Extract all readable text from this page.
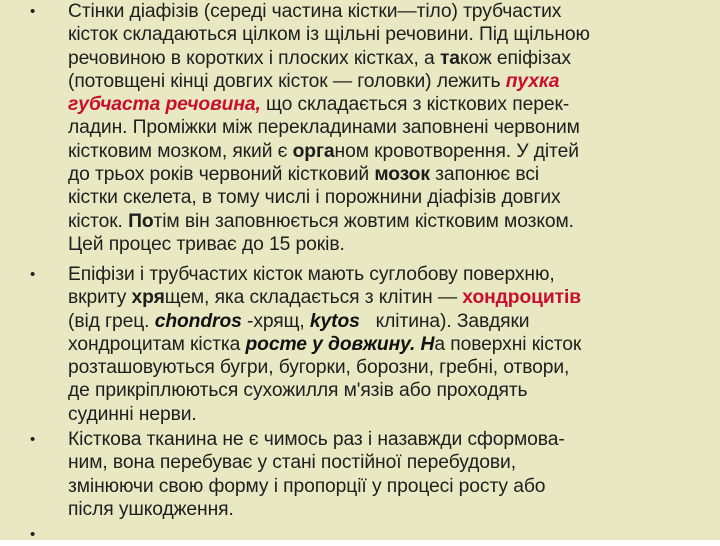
• Стінки діафізів (середі частина кістки—тіло) трубчастих
кісток складаються цілком із щільні речовини. Під щільною
речовиною в коротких і плоских кістках, а також епіфізах
(потовщені кінці довгих кісток — головки) лежить пухка
губчаста речовина, що складається з кісткових перек-
ладин. Проміжки між перекладинами заповнені червоним
кістковим мозком, який є органом кровотворення. У дітей
до трьох років червоний кістковий мозок запонює всі
кістки скелета, в тому числі і порожнини діафізів довгих
кісток. Потім він заповнюється жовтим кістковим мозком.
Цей процес триває до 15 років.
• Епіфізи і трубчастих кісток мають суглобову поверхню,
вкриту хрящем, яка складається з клітин — хондроцитів
(від грец. chondros -хрящ, kytos клітина). Завдяки
хондроцитам кістка росте у довжину. На поверхні кісток
розташовуються бугри, бугорки, борозни, гребні, отвори,
де прикріплюються сухожилля м'язів або проходять
судинні нерви.
• Кісткова тканина не є чимось раз і назавжди сформова-
ним, вона перебуває у стані постійної перебудови,
змінюючи свою форму і пропорції у процесі росту або
після ушкодження.
•
